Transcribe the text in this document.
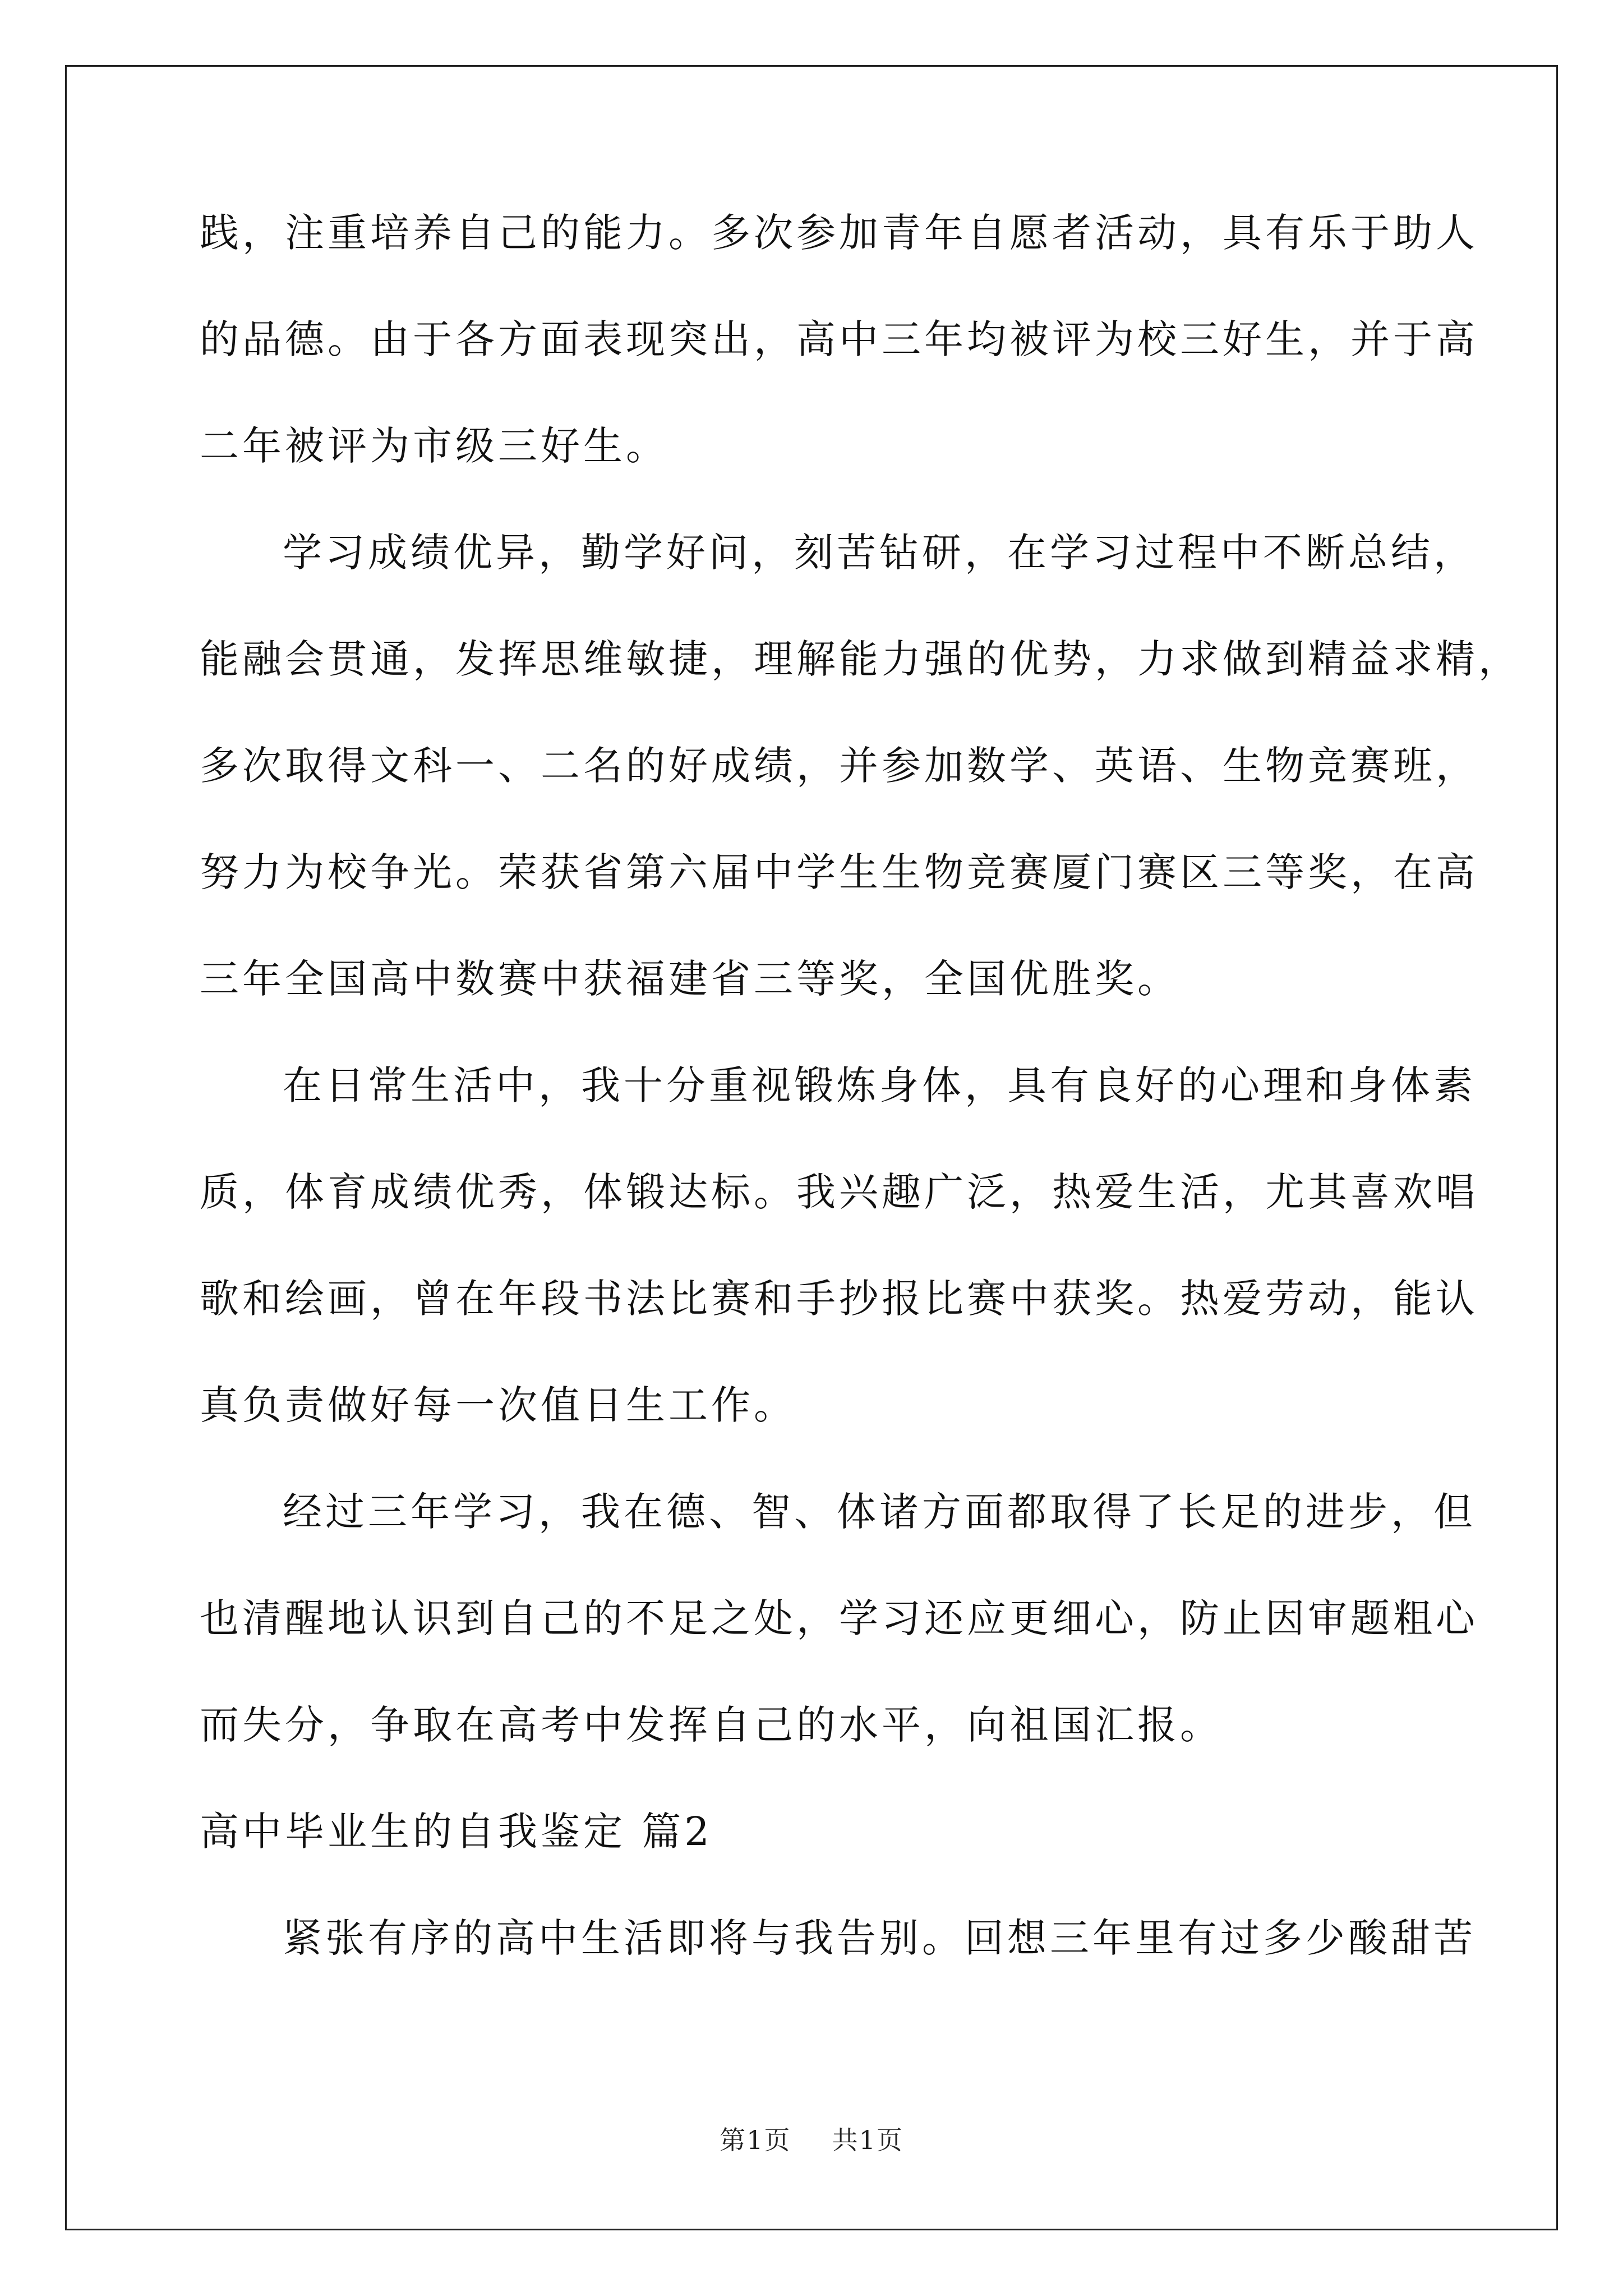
践，注重培养自己的能力。多次参加青年自愿者活动，具有乐于助人
的品德。由于各方面表现突出，高中三年均被评为校三好生，并于高
二年被评为市级三好生。
学习成绩优异，勤学好问，刻苦钻研，在学习过程中不断总结，
能融会贯通，发挥思维敏捷，理解能力强的优势，力求做到精益求精，
多次取得文科一、二名的好成绩，并参加数学、英语、生物竞赛班，
努力为校争光。荣获省第六届中学生生物竞赛厦门赛区三等奖，在高
三年全国高中数赛中获福建省三等奖，全国优胜奖。
在日常生活中，我十分重视锻炼身体，具有良好的心理和身体素
质，体育成绩优秀，体锻达标。我兴趣广泛，热爱生活，尤其喜欢唱
歌和绘画，曾在年段书法比赛和手抄报比赛中获奖。热爱劳动，能认
真负责做好每一次值日生工作。
经过三年学习，我在德、智、体诸方面都取得了长足的进步，但
也清醒地认识到自己的不足之处，学习还应更细心，防止因审题粗心
而失分，争取在高考中发挥自己的水平，向祖国汇报。
高中毕业生的自我鉴定 篇2
紧张有序的高中生活即将与我告别。回想三年里有过多少酸甜苦
第1页 共1页
